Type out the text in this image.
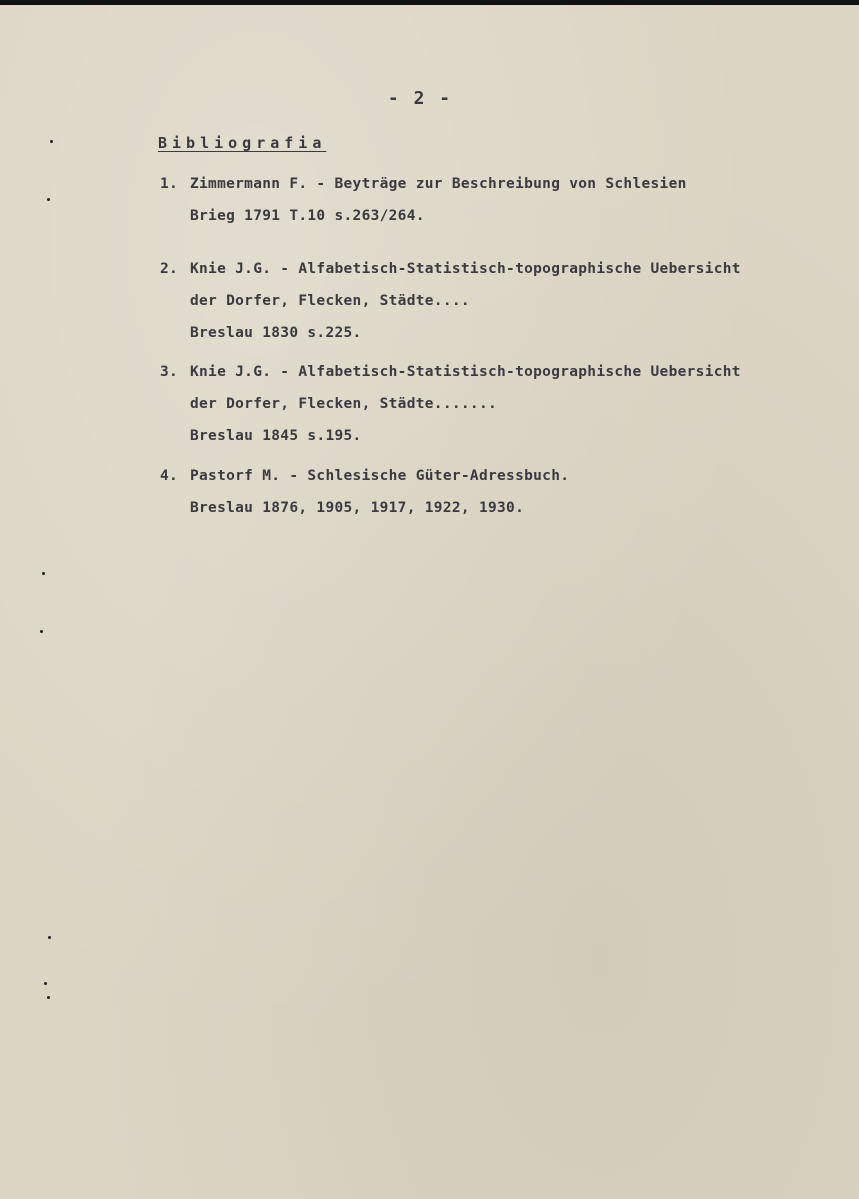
- 2 -
Bibliografia
1. Zimmermann F. - Beyträge zur Beschreibung von Schlesien
Brieg 1791 T.10 s.263/264.
2. Knie J.G. - Alfabetisch-Statistisch-topographische Uebersicht
der Dorfer, Flecken, Städte....
Breslau 1830 s.225.
3. Knie J.G. - Alfabetisch-Statistisch-topographische Uebersicht
der Dorfer, Flecken, Städte.......
Breslau 1845 s.195.
4. Pastorf M. - Schlesische Güter-Adressbuch.
Breslau 1876, 1905, 1917, 1922, 1930.
